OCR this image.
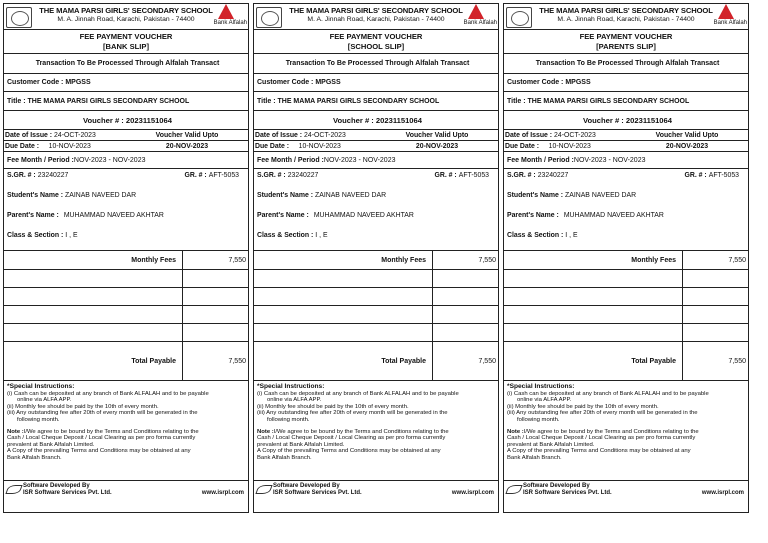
THE MAMA PARSI GIRLS' SECONDARY SCHOOL
M. A. Jinnah Road, Karachi, Pakistan - 74400	Bank Alfalah
FEE PAYMENT VOUCHER
[BANK SLIP]
Transaction To Be Processed Through Alfalah Transact
Customer Code : MPGSS
Title : THE MAMA PARSI GIRLS SECONDARY SCHOOL
Voucher # : 20231151064
Date of Issue : 24-OCT-2023	Voucher Valid Upto
Due Date : 10-NOV-2023	20-NOV-2023
Fee Month / Period : NOV-2023 - NOV-2023
S.GR. # : 23240227	GR. # : AFT-5053
Student's Name : ZAINAB NAVEED DAR
Parent's Name : MUHAMMAD NAVEED AKHTAR
Class & Section : I , E
Monthly Fees	7,550
Total Payable	7,550
*Special Instructions:
(i) Cash can be deposited at any branch of Bank ALFALAH and to be payable
online via ALFA APP.
(ii) Monthly fee should be paid by the 10th of every month.
(iii) Any outstanding fee after 20th of every month will be generated in the
following month.
Note :I/We agree to be bound by the Terms and Conditions relating to the
Cash / Local Cheque Deposit / Local Clearing as per pro forma currently
prevalent at Bank Alfalah Limited.
A Copy of the prevailing Terms and Conditions may be obtained at any
Bank Alfalah Branch.
Software Developed By
ISR Software Services Pvt. Ltd.	www.isrpl.com
THE MAMA PARSI GIRLS' SECONDARY SCHOOL
M. A. Jinnah Road, Karachi, Pakistan - 74400	Bank Alfalah
FEE PAYMENT VOUCHER
[SCHOOL SLIP]
Transaction To Be Processed Through Alfalah Transact
Customer Code : MPGSS
Title : THE MAMA PARSI GIRLS SECONDARY SCHOOL
Voucher # : 20231151064
Date of Issue : 24-OCT-2023	Voucher Valid Upto
Due Date : 10-NOV-2023	20-NOV-2023
Fee Month / Period : NOV-2023 - NOV-2023
S.GR. # : 23240227	GR. # : AFT-5053
Student's Name : ZAINAB NAVEED DAR
Parent's Name : MUHAMMAD NAVEED AKHTAR
Class & Section : I , E
Monthly Fees	7,550
Total Payable	7,550
*Special Instructions:
(i) Cash can be deposited at any branch of Bank ALFALAH and to be payable
online via ALFA APP.
(ii) Monthly fee should be paid by the 10th of every month.
(iii) Any outstanding fee after 20th of every month will be generated in the
following month.
Note :I/We agree to be bound by the Terms and Conditions relating to the
Cash / Local Cheque Deposit / Local Clearing as per pro forma currently
prevalent at Bank Alfalah Limited.
A Copy of the prevailing Terms and Conditions may be obtained at any
Bank Alfalah Branch.
Software Developed By
ISR Software Services Pvt. Ltd.	www.isrpl.com
THE MAMA PARSI GIRLS' SECONDARY SCHOOL
M. A. Jinnah Road, Karachi, Pakistan - 74400	Bank Alfalah
FEE PAYMENT VOUCHER
[PARENTS SLIP]
Transaction To Be Processed Through Alfalah Transact
Customer Code : MPGSS
Title : THE MAMA PARSI GIRLS SECONDARY SCHOOL
Voucher # : 20231151064
Date of Issue : 24-OCT-2023	Voucher Valid Upto
Due Date : 10-NOV-2023	20-NOV-2023
Fee Month / Period : NOV-2023 - NOV-2023
S.GR. # : 23240227	GR. # : AFT-5053
Student's Name : ZAINAB NAVEED DAR
Parent's Name : MUHAMMAD NAVEED AKHTAR
Class & Section : I , E
Monthly Fees	7,550
Total Payable	7,550
*Special Instructions:
(i) Cash can be deposited at any branch of Bank ALFALAH and to be payable
online via ALFA APP.
(ii) Monthly fee should be paid by the 10th of every month.
(iii) Any outstanding fee after 20th of every month will be generated in the
following month.
Note :I/We agree to be bound by the Terms and Conditions relating to the
Cash / Local Cheque Deposit / Local Clearing as per pro forma currently
prevalent at Bank Alfalah Limited.
A Copy of the prevailing Terms and Conditions may be obtained at any
Bank Alfalah Branch.
Software Developed By
ISR Software Services Pvt. Ltd.	www.isrpl.com
